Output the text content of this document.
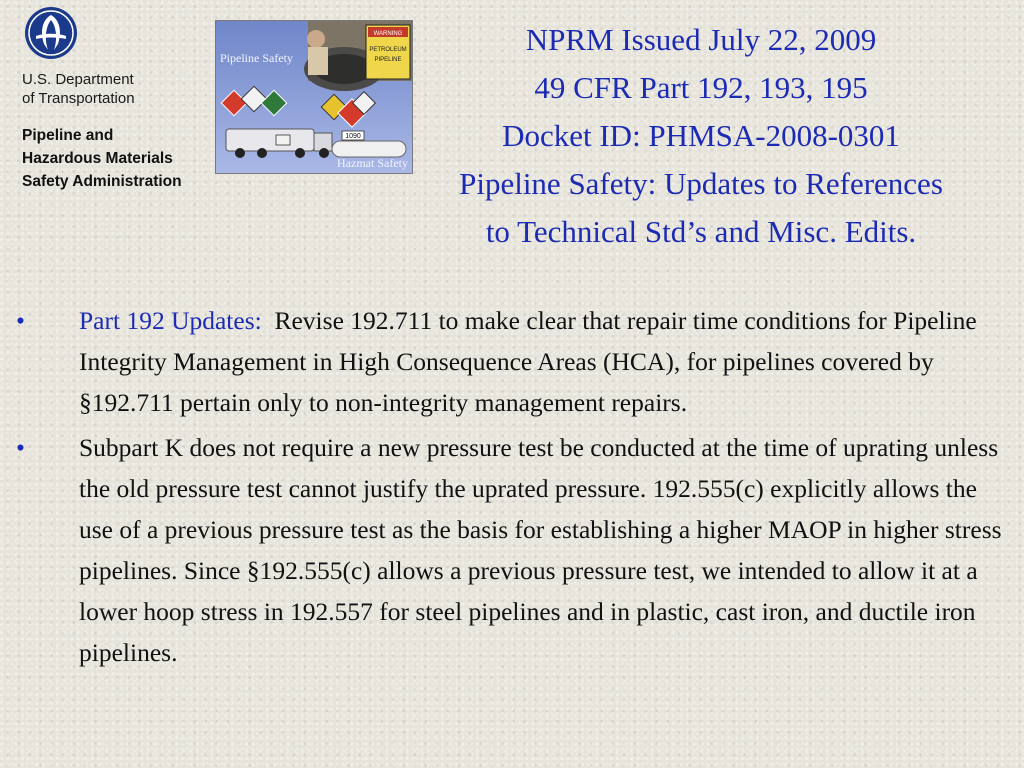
U.S. Department
of Transportation
Pipeline and
Hazardous Materials
Safety Administration
WARNING
PETROLEUM
PIPELINE
1090
Pipeline Safety
Hazmat Safety
NPRM Issued July 22, 2009
49 CFR Part 192, 193, 195
Docket ID: PHMSA-2008-0301
Pipeline Safety: Updates to References
to Technical Std’s and Misc. Edits.
• Part 192 Updates: Revise 192.711 to make clear that repair time conditions for Pipeline Integrity Management in High Consequence Areas (HCA), for pipelines covered by §192.711 pertain only to non-integrity management repairs.
• Subpart K does not require a new pressure test be conducted at the time of uprating unless the old pressure test cannot justify the uprated pressure. 192.555(c) explicitly allows the use of a previous pressure test as the basis for establishing a higher MAOP in higher stress pipelines. Since §192.555(c) allows a previous pressure test, we intended to allow it at a lower hoop stress in 192.557 for steel pipelines and in plastic, cast iron, and ductile iron pipelines.
